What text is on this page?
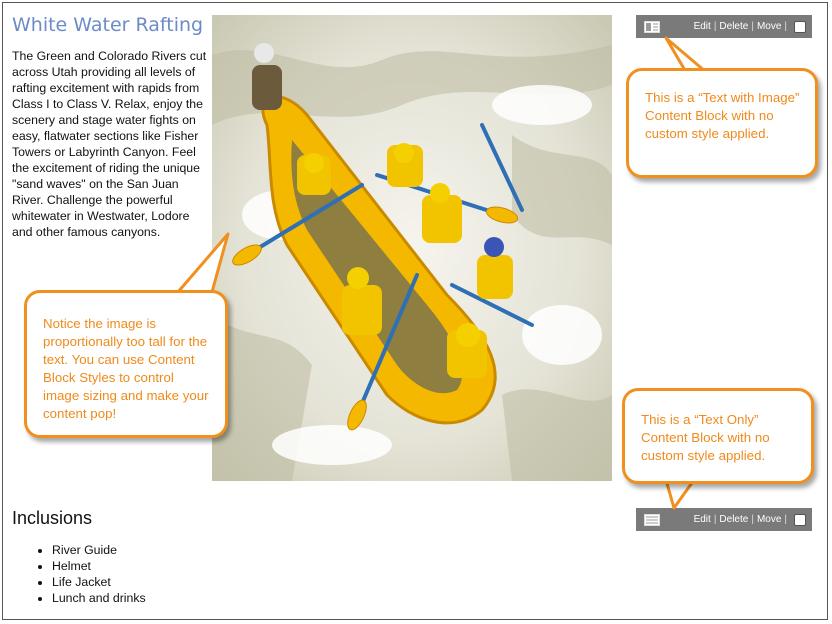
White Water Rafting

The Green and Colorado Rivers cut across Utah providing all levels of rafting excitement with rapids from Class I to Class V. Relax, enjoy the scenery and stage water fights on easy, flatwater sections like Fisher Towers or Labyrinth Canyon. Feel the excitement of riding the unique "sand waves" on the San Juan River. Challenge the powerful whitewater in Westwater, Lodore and other famous canyons.

Edit | Delete | Move |
Edit | Delete | Move |

Notice the image is proportionally too tall for the text. You can use Content Block Styles to control image sizing and make your content pop!

This is a “Text with Image” Content Block with no custom style applied.

This is a “Text Only” Content Block with no custom style applied.

Inclusions
• River Guide
• Helmet
• Life Jacket
• Lunch and drinks
